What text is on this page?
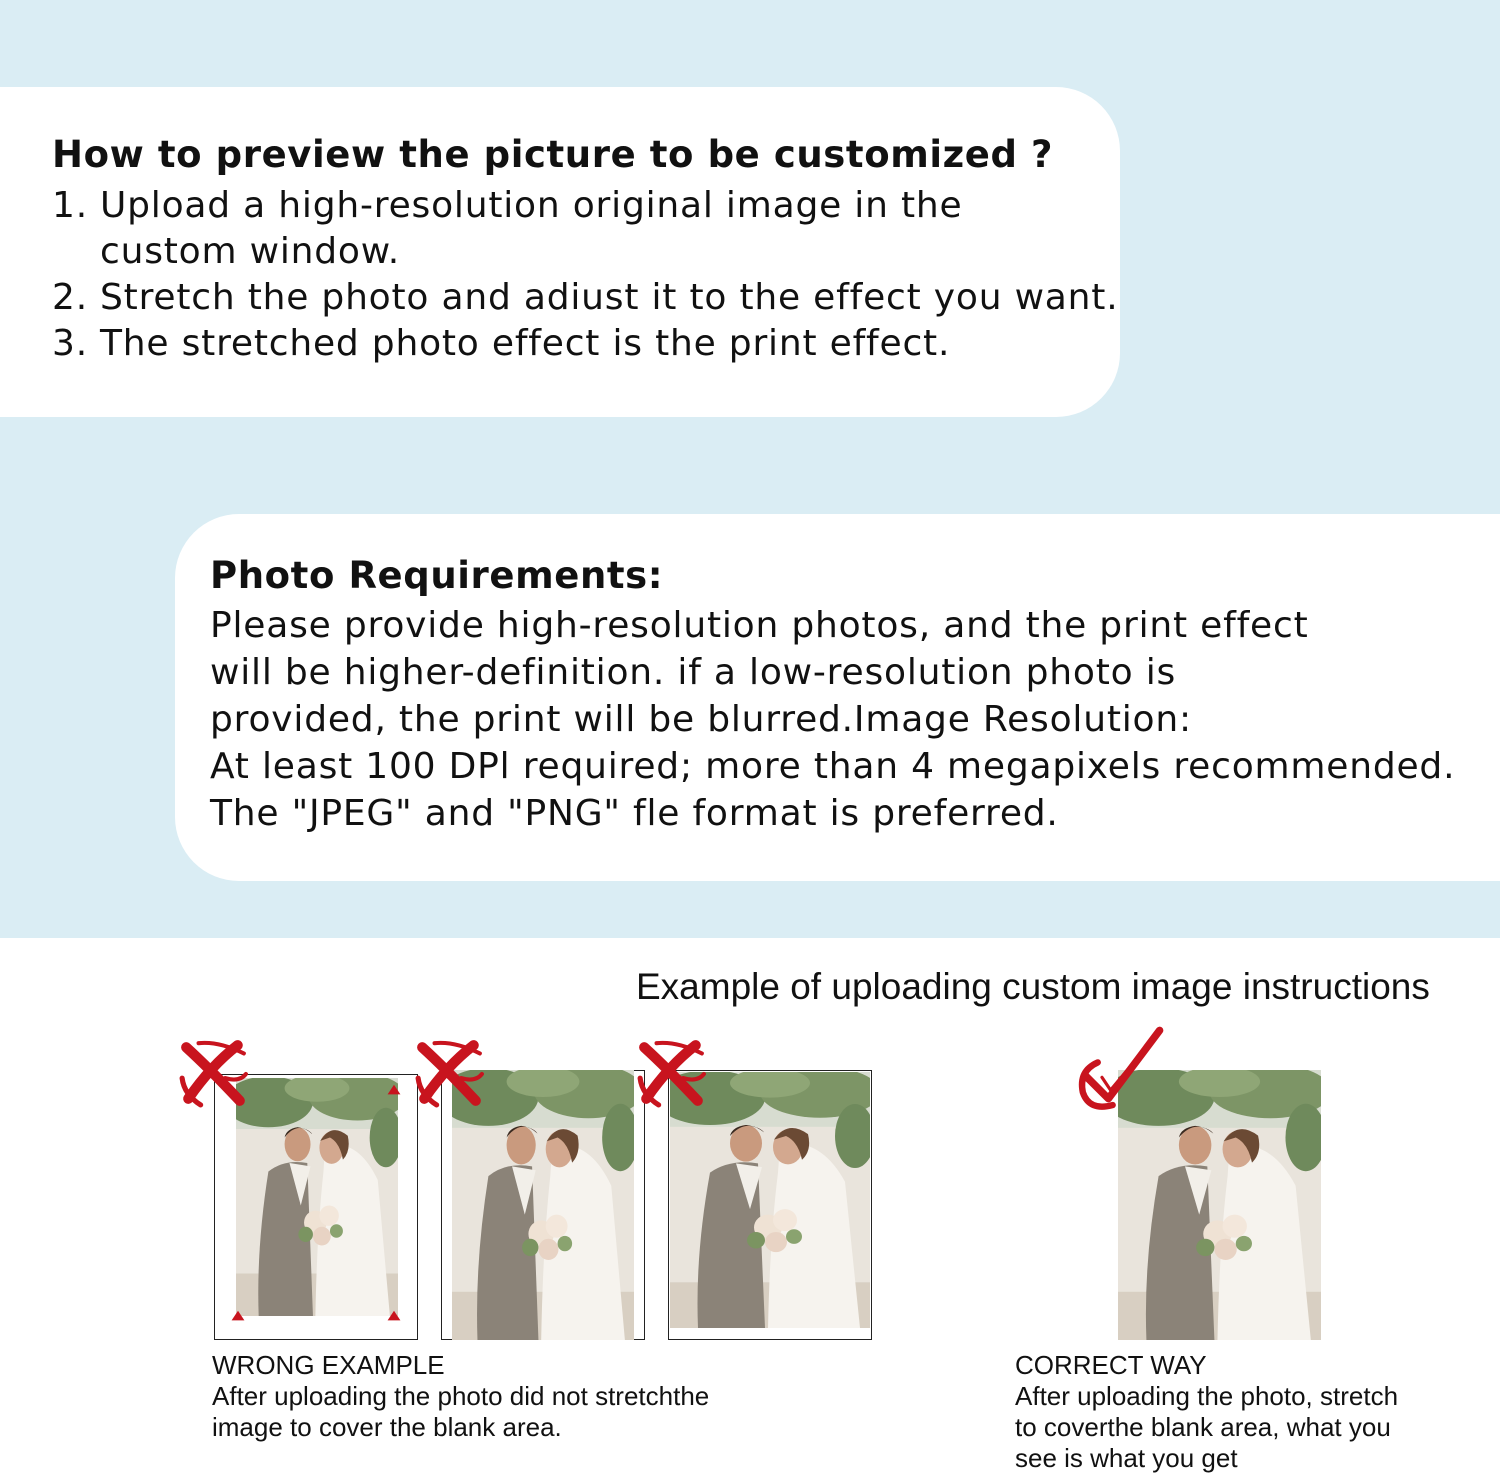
How to preview the picture to be customized ?
1. Upload a high-resolution original image in the
custom window.
2. Stretch the photo and adiust it to the effect you want.
3. The stretched photo effect is the print effect.
Photo Requirements:
Please provide high-resolution photos, and the print effect
will be higher-definition. if a low-resolution photo is
provided, the print will be blurred.Image Resolution:
At least 100 DPl required; more than 4 megapixels recommended.
The "JPEG" and "PNG" fle format is preferred.
Example of uploading custom image instructions
WRONG EXAMPLE
After uploading the photo did not stretchthe
image to cover the blank area.
CORRECT WAY
After uploading the photo, stretch
to coverthe blank area, what you
see is what you get
